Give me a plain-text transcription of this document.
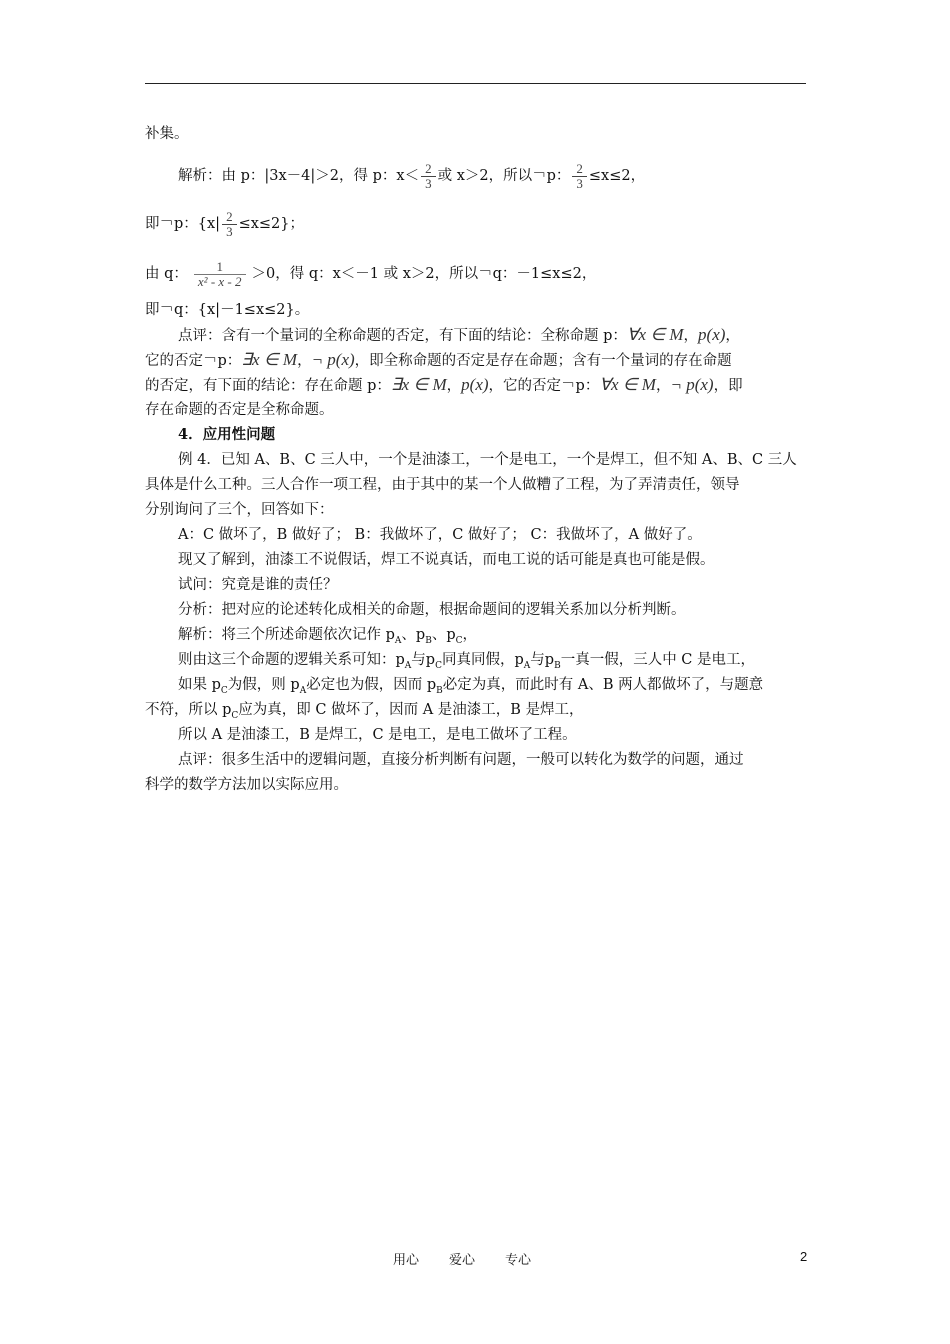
补集。
解析：由 p：|3x－4|＞2，得 p：$x< \frac{2}{3}$ 或 x＞2，所以￢p： $\frac{2}{3} \le x\le 2$，
即￢p：$\{x| \frac{2}{3} \le x\le 2\}$；
由 q： $\frac{1}{\text{x² - x - 2}} >0$，得 q：x＜－1 或 x＞2，所以￢q：－1≤x≤2，
即￢q：{x|－1≤x≤2}。
点评：含有一个量词的全称命题的否定，有下面的结论：全称命题 p：∀x ∈ M，p(x)，
它的否定￢p：∃x ∈ M，¬ p(x)，即全称命题的否定是存在命题；含有一个量词的存在命题
的否定，有下面的结论：存在命题 p：∃x ∈ M，p(x)，它的否定￢p：∀x ∈ M，¬ p(x)，即
存在命题的否定是全称命题。
4．应用性问题
例 4．已知 A、B、C 三人中，一个是油漆工，一个是电工，一个是焊工，但不知 A、B、C 三人
具体是什么工种。三人合作一项工程，由于其中的某一个人做糟了工程，为了弄清责任，领导
分别询问了三个，回答如下：
A：C 做坏了，B 做好了； B：我做坏了，C 做好了； C：我做坏了，A 做好了。
现又了解到，油漆工不说假话，焊工不说真话，而电工说的话可能是真也可能是假。
试问：究竟是谁的责任？
分析：把对应的论述转化成相关的命题，根据命题间的逻辑关系加以分析判断。
解析：将三个所述命题依次记作 $p_A$、$p_B$、$p_C$，
则由这三个命题的逻辑关系可知：$p_A$与$p_C$同真同假，$p_A$与$p_B$一真一假，三人中 C 是电工，
如果 $p_C$为假，则 $p_A$必定也为假，因而 $p_B$必定为真，而此时有 A、B 两人都做坏了，与题意
不符，所以 $p_C$应为真，即 C 做坏了，因而 A 是油漆工，B 是焊工，
所以 A 是油漆工，B 是焊工，C 是电工，是电工做坏了工程。
点评：很多生活中的逻辑问题，直接分析判断有问题，一般可以转化为数学的问题，通过
科学的数学方法加以实际应用。
用心 爱心 专心	2
